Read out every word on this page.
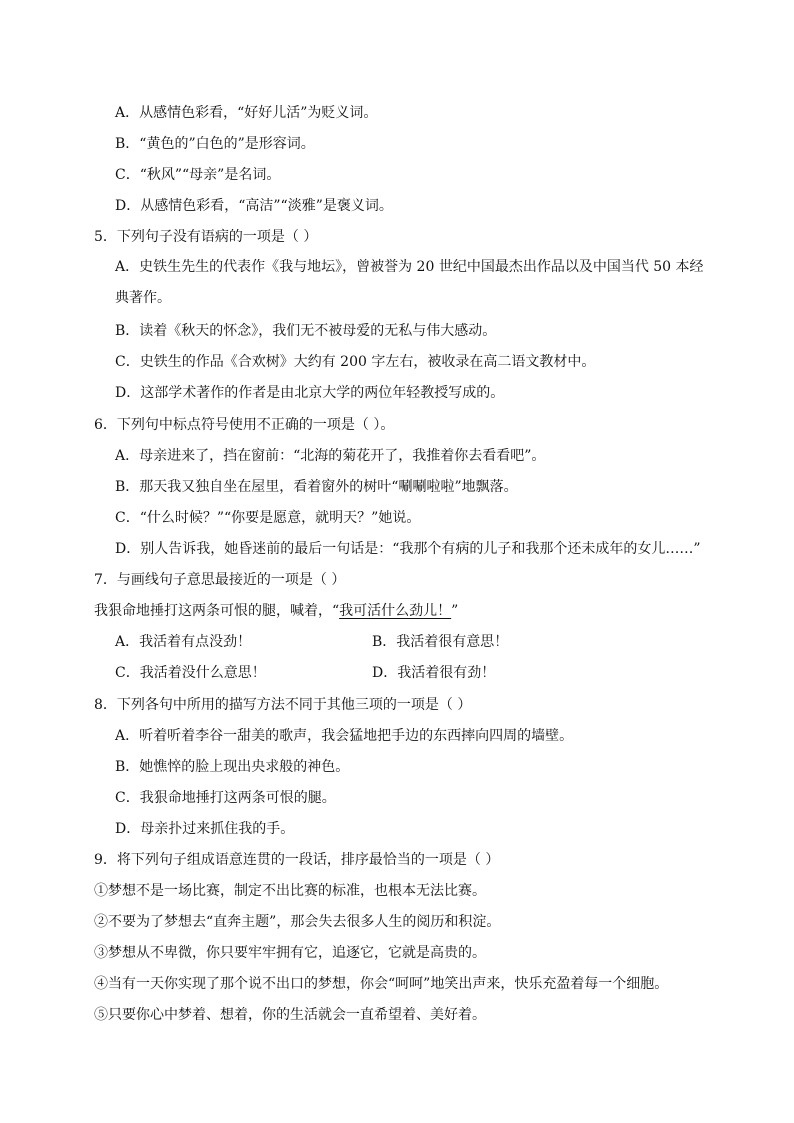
A．从感情色彩看，“好好儿活”为贬义词。
B．“黄色的”白色的”是形容词。
C．“秋风”“母亲”是名词。
D．从感情色彩看，“高洁”“淡雅”是褒义词。
5．下列句子没有语病的一项是（ ）
A．史铁生先生的代表作《我与地坛》，曾被誉为 20 世纪中国最杰出作品以及中国当代 50 本经典著作。
B．读着《秋天的怀念》，我们无不被母爱的无私与伟大感动。
C．史铁生的作品《合欢树》大约有 200 字左右，被收录在高二语文教材中。
D．这部学术著作的作者是由北京大学的两位年轻教授写成的。
6．下列句中标点符号使用不正确的一项是（ ）。
A．母亲进来了，挡在窗前：“北海的菊花开了，我推着你去看看吧”。
B．那天我又独自坐在屋里，看着窗外的树叶“唰唰啦啦”地飘落。
C．“什么时候？”“你要是愿意，就明天？”她说。
D．别人告诉我，她昏迷前的最后一句话是：“我那个有病的儿子和我那个还未成年的女儿……”
7．与画线句子意思最接近的一项是（ ）
我狠命地捶打这两条可恨的腿，喊着，“我可活什么劲儿！”
A．我活着有点没劲！	B．我活着很有意思！
C．我活着没什么意思！	D．我活着很有劲！
8．下列各句中所用的描写方法不同于其他三项的一项是（ ）
A．听着听着李谷一甜美的歌声，我会猛地把手边的东西摔向四周的墙壁。
B．她憔悴的脸上现出央求般的神色。
C．我狠命地捶打这两条可恨的腿。
D．母亲扑过来抓住我的手。
9．将下列句子组成语意连贯的一段话，排序最恰当的一项是（ ）
①梦想不是一场比赛，制定不出比赛的标准，也根本无法比赛。
②不要为了梦想去“直奔主题”，那会失去很多人生的阅历和积淀。
③梦想从不卑微，你只要牢牢拥有它，追逐它，它就是高贵的。
④当有一天你实现了那个说不出口的梦想，你会“呵呵”地笑出声来，快乐充盈着每一个细胞。
⑤只要你心中梦着、想着，你的生活就会一直希望着、美好着。
